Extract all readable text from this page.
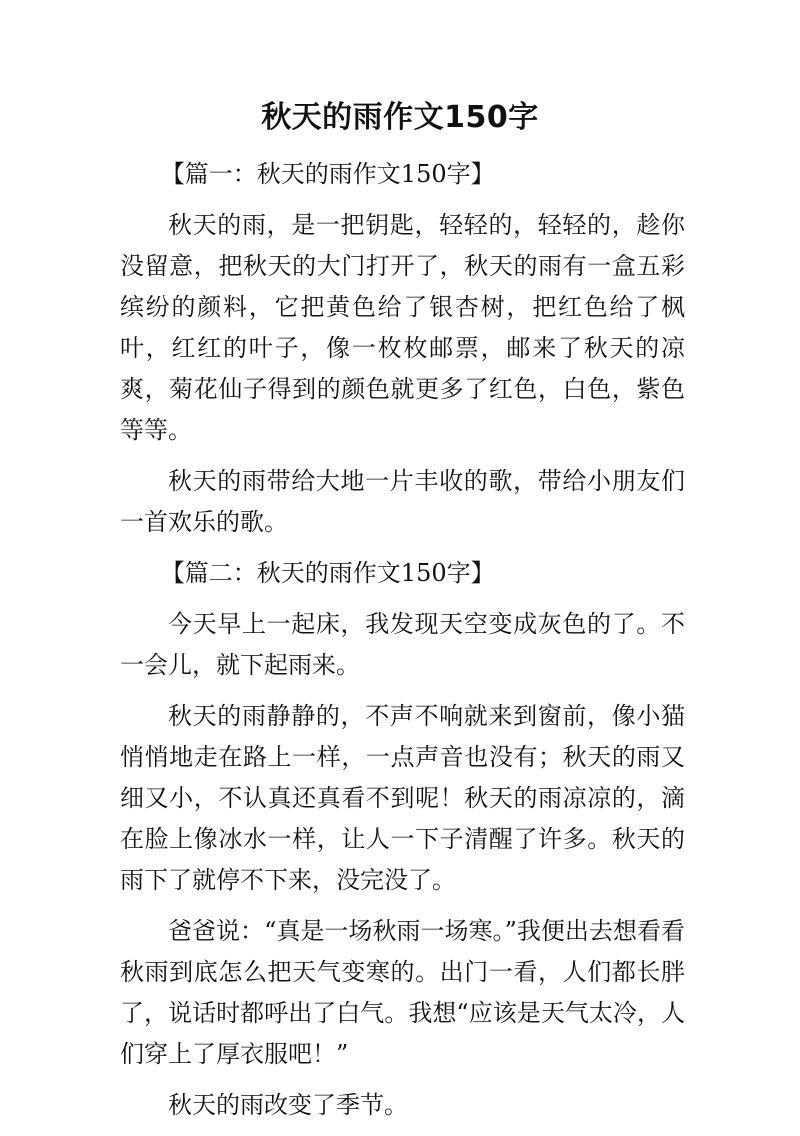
秋天的雨作文150字

【篇一：秋天的雨作文150字】

秋天的雨，是一把钥匙，轻轻的，轻轻的，趁你没留意，把秋天的大门打开了，秋天的雨有一盒五彩缤纷的颜料，它把黄色给了银杏树，把红色给了枫叶，红红的叶子，像一枚枚邮票，邮来了秋天的凉爽，菊花仙子得到的颜色就更多了红色，白色，紫色等等。

秋天的雨带给大地一片丰收的歌，带给小朋友们一首欢乐的歌。

【篇二：秋天的雨作文150字】

今天早上一起床，我发现天空变成灰色的了。不一会儿，就下起雨来。

秋天的雨静静的，不声不响就来到窗前，像小猫悄悄地走在路上一样，一点声音也没有；秋天的雨又细又小，不认真还真看不到呢！秋天的雨凉凉的，滴在脸上像冰水一样，让人一下子清醒了许多。秋天的雨下了就停不下来，没完没了。

爸爸说：“真是一场秋雨一场寒。”我便出去想看看秋雨到底怎么把天气变寒的。出门一看，人们都长胖了，说话时都呼出了白气。我想“应该是天气太冷，人们穿上了厚衣服吧！”

秋天的雨改变了季节。
